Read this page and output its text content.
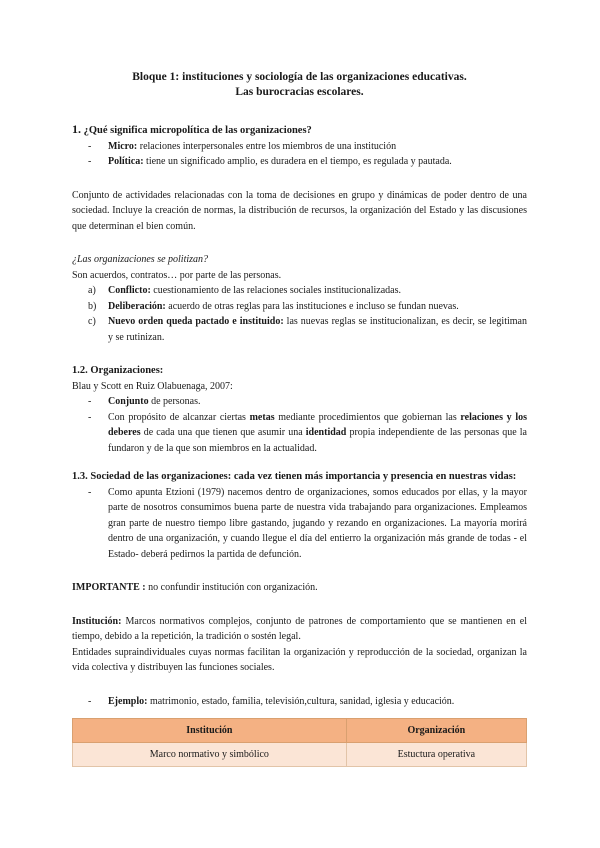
Bloque 1: instituciones y sociología de las organizaciones educativas.
Las burocracias escolares.
1. ¿Qué significa micropolítica de las organizaciones?
- Micro: relaciones interpersonales entre los miembros de una institución
- Política: tiene un significado amplio, es duradera en el tiempo, es regulada y pautada.

Conjunto de actividades relacionadas con la toma de decisiones en grupo y dinámicas de poder dentro de una sociedad. Incluye la creación de normas, la distribución de recursos, la organización del Estado y las discusiones que determinan el bien común.

¿Las organizaciones se politizan?

Son acuerdos, contratos… por parte de las personas.

a) Conflicto: cuestionamiento de las relaciones sociales institucionalizadas.
b) Deliberación: acuerdo de otras reglas para las instituciones e incluso se fundan nuevas.
c) Nuevo orden queda pactado e instituido: las nuevas reglas se institucionalizan, es decir, se legitiman y se rutinizan.

1.2. Organizaciones:

Blau y Scott en Ruiz Olabuenaga, 2007:

- Conjunto de personas.
- Con propósito de alcanzar ciertas metas mediante procedimientos que gobiernan las relaciones y los deberes de cada una que tienen que asumir una identidad propia independiente de las personas que la fundaron y de la que son miembros en la actualidad.

1.3. Sociedad de las organizaciones: cada vez tienen más importancia y presencia en nuestras vidas:

- Como apunta Etzioni (1979) nacemos dentro de organizaciones, somos educados por ellas, y la mayor parte de nosotros consumimos buena parte de nuestra vida trabajando para organizaciones. Empleamos gran parte de nuestro tiempo libre gastando, jugando y rezando en organizaciones. La mayoría morirá dentro de una organización, y cuando llegue el día del entierro la organización más grande de todas - el Estado- deberá pedirnos la partida de defunción.

IMPORTANTE : no confundir institución con organización.

Institución: Marcos normativos complejos, conjunto de patrones de comportamiento que se mantienen en el tiempo, debido a la repetición, la tradición o sostén legal.

Entidades supraindividuales cuyas normas facilitan la organización y reproducción de la sociedad, organizan la vida colectiva y distribuyen las funciones sociales.

- Ejemplo: matrimonio, estado, familia, televisión,cultura, sanidad, iglesia y educación.
Institución	Organización
Marco normativo y simbólico	Estuctura operativa
